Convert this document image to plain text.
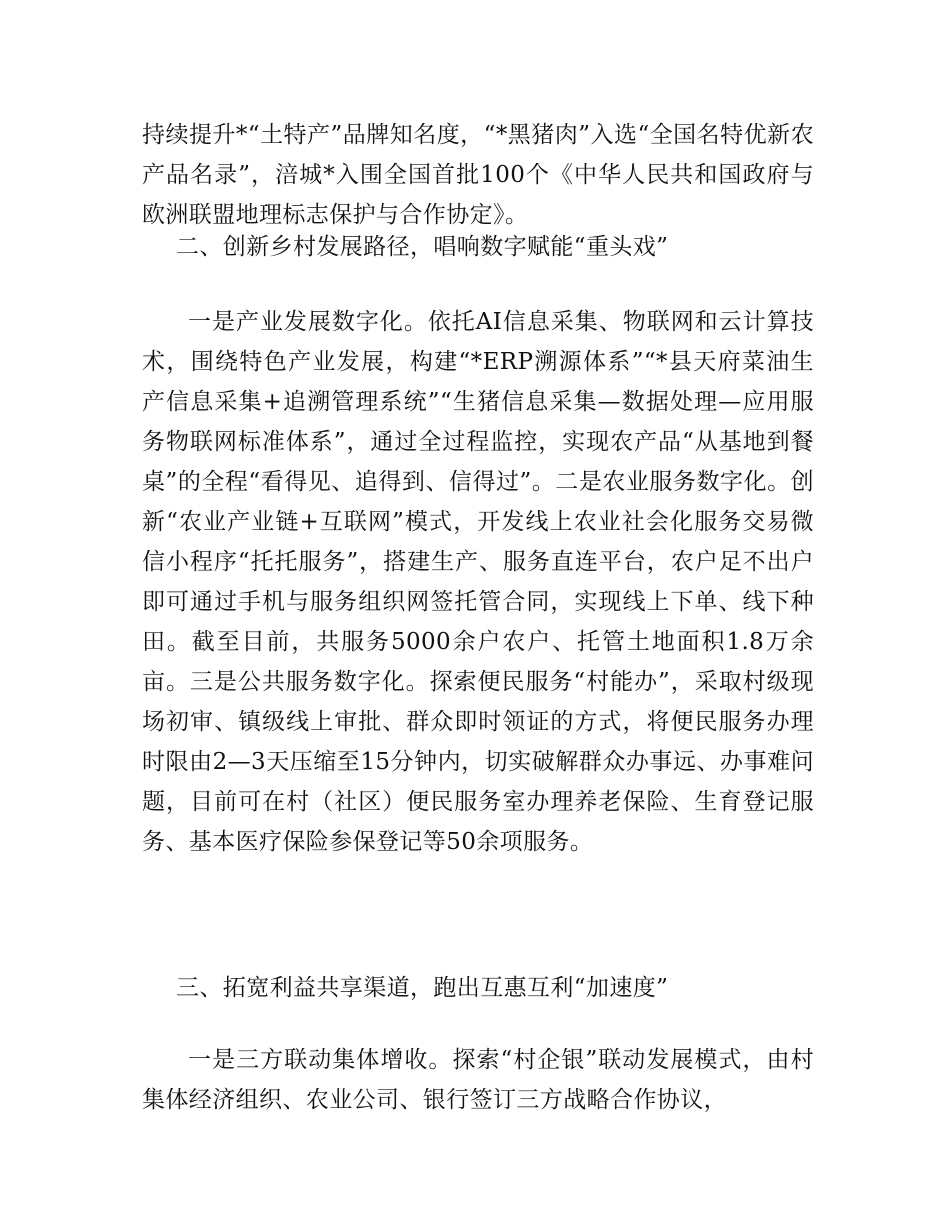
持续提升*“土特产”品牌知名度，“*黑猪肉”入选“全国名特优新农产品名录”，涪城*入围全国首批100个《中华人民共和国政府与欧洲联盟地理标志保护与合作协定》。

二、创新乡村发展路径，唱响数字赋能“重头戏”

一是产业发展数字化。依托AI信息采集、物联网和云计算技术，围绕特色产业发展，构建“*ERP溯源体系”“*县天府菜油生产信息采集+追溯管理系统”“生猪信息采集—数据处理—应用服务物联网标准体系”，通过全过程监控，实现农产品“从基地到餐桌”的全程“看得见、追得到、信得过”。二是农业服务数字化。创新“农业产业链+互联网”模式，开发线上农业社会化服务交易微信小程序“托托服务”，搭建生产、服务直连平台，农户足不出户即可通过手机与服务组织网签托管合同，实现线上下单、线下种田。截至目前，共服务5000余户农户、托管土地面积1.8万余亩。三是公共服务数字化。探索便民服务“村能办”，采取村级现场初审、镇级线上审批、群众即时领证的方式，将便民服务办理时限由2—3天压缩至15分钟内，切实破解群众办事远、办事难问题，目前可在村（社区）便民服务室办理养老保险、生育登记服务、基本医疗保险参保登记等50余项服务。

三、拓宽利益共享渠道，跑出互惠互利“加速度”

一是三方联动集体增收。探索“村企银”联动发展模式，由村集体经济组织、农业公司、银行签订三方战略合作协议，
